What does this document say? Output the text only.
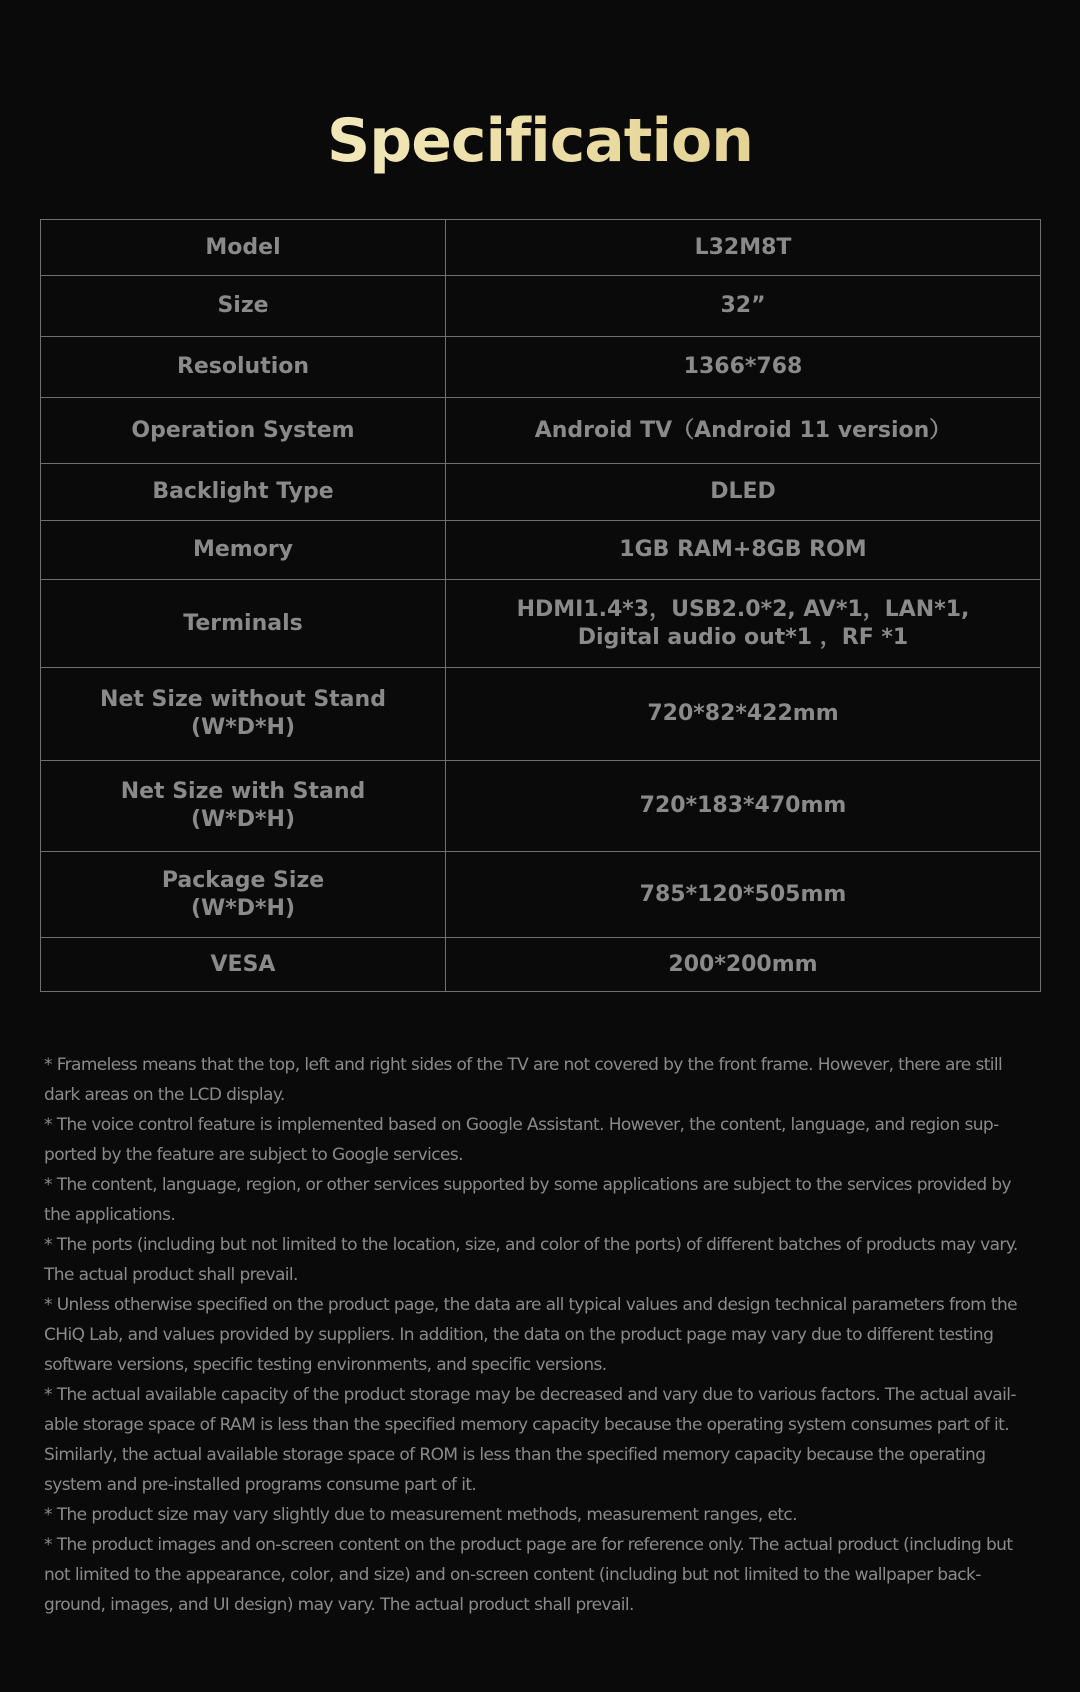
Specification
Model	L32M8T
Size	32”
Resolution	1366*768
Operation System	Android TV（Android 11 version）
Backlight Type	DLED
Memory	1GB RAM+8GB ROM
Terminals	HDMI1.4*3，USB2.0*2, AV*1，LAN*1,
Digital audio out*1 ，RF *1
Net Size without Stand
(W*D*H)	720*82*422mm
Net Size with Stand
(W*D*H)	720*183*470mm
Package Size
(W*D*H)	785*120*505mm
VESA	200*200mm

* Frameless means that the top, left and right sides of the TV are not covered by the front frame. However, there are still dark areas on the LCD display.

* The voice control feature is implemented based on Google Assistant. However, the content, language, and region sup-ported by the feature are subject to Google services.

* The content, language, region, or other services supported by some applications are subject to the services provided by the applications.

* The ports (including but not limited to the location, size, and color of the ports) of different batches of products may vary. The actual product shall prevail.

* Unless otherwise specified on the product page, the data are all typical values and design technical parameters from the CHiQ Lab, and values provided by suppliers. In addition, the data on the product page may vary due to different testing software versions, specific testing environments, and specific versions.

* The actual available capacity of the product storage may be decreased and vary due to various factors. The actual avail-able storage space of RAM is less than the specified memory capacity because the operating system consumes part of it. Similarly, the actual available storage space of ROM is less than the specified memory capacity because the operating system and pre-installed programs consume part of it.

* The product size may vary slightly due to measurement methods, measurement ranges, etc.

* The product images and on-screen content on the product page are for reference only. The actual product (including but not limited to the appearance, color, and size) and on-screen content (including but not limited to the wallpaper back-ground, images, and UI design) may vary. The actual product shall prevail.
